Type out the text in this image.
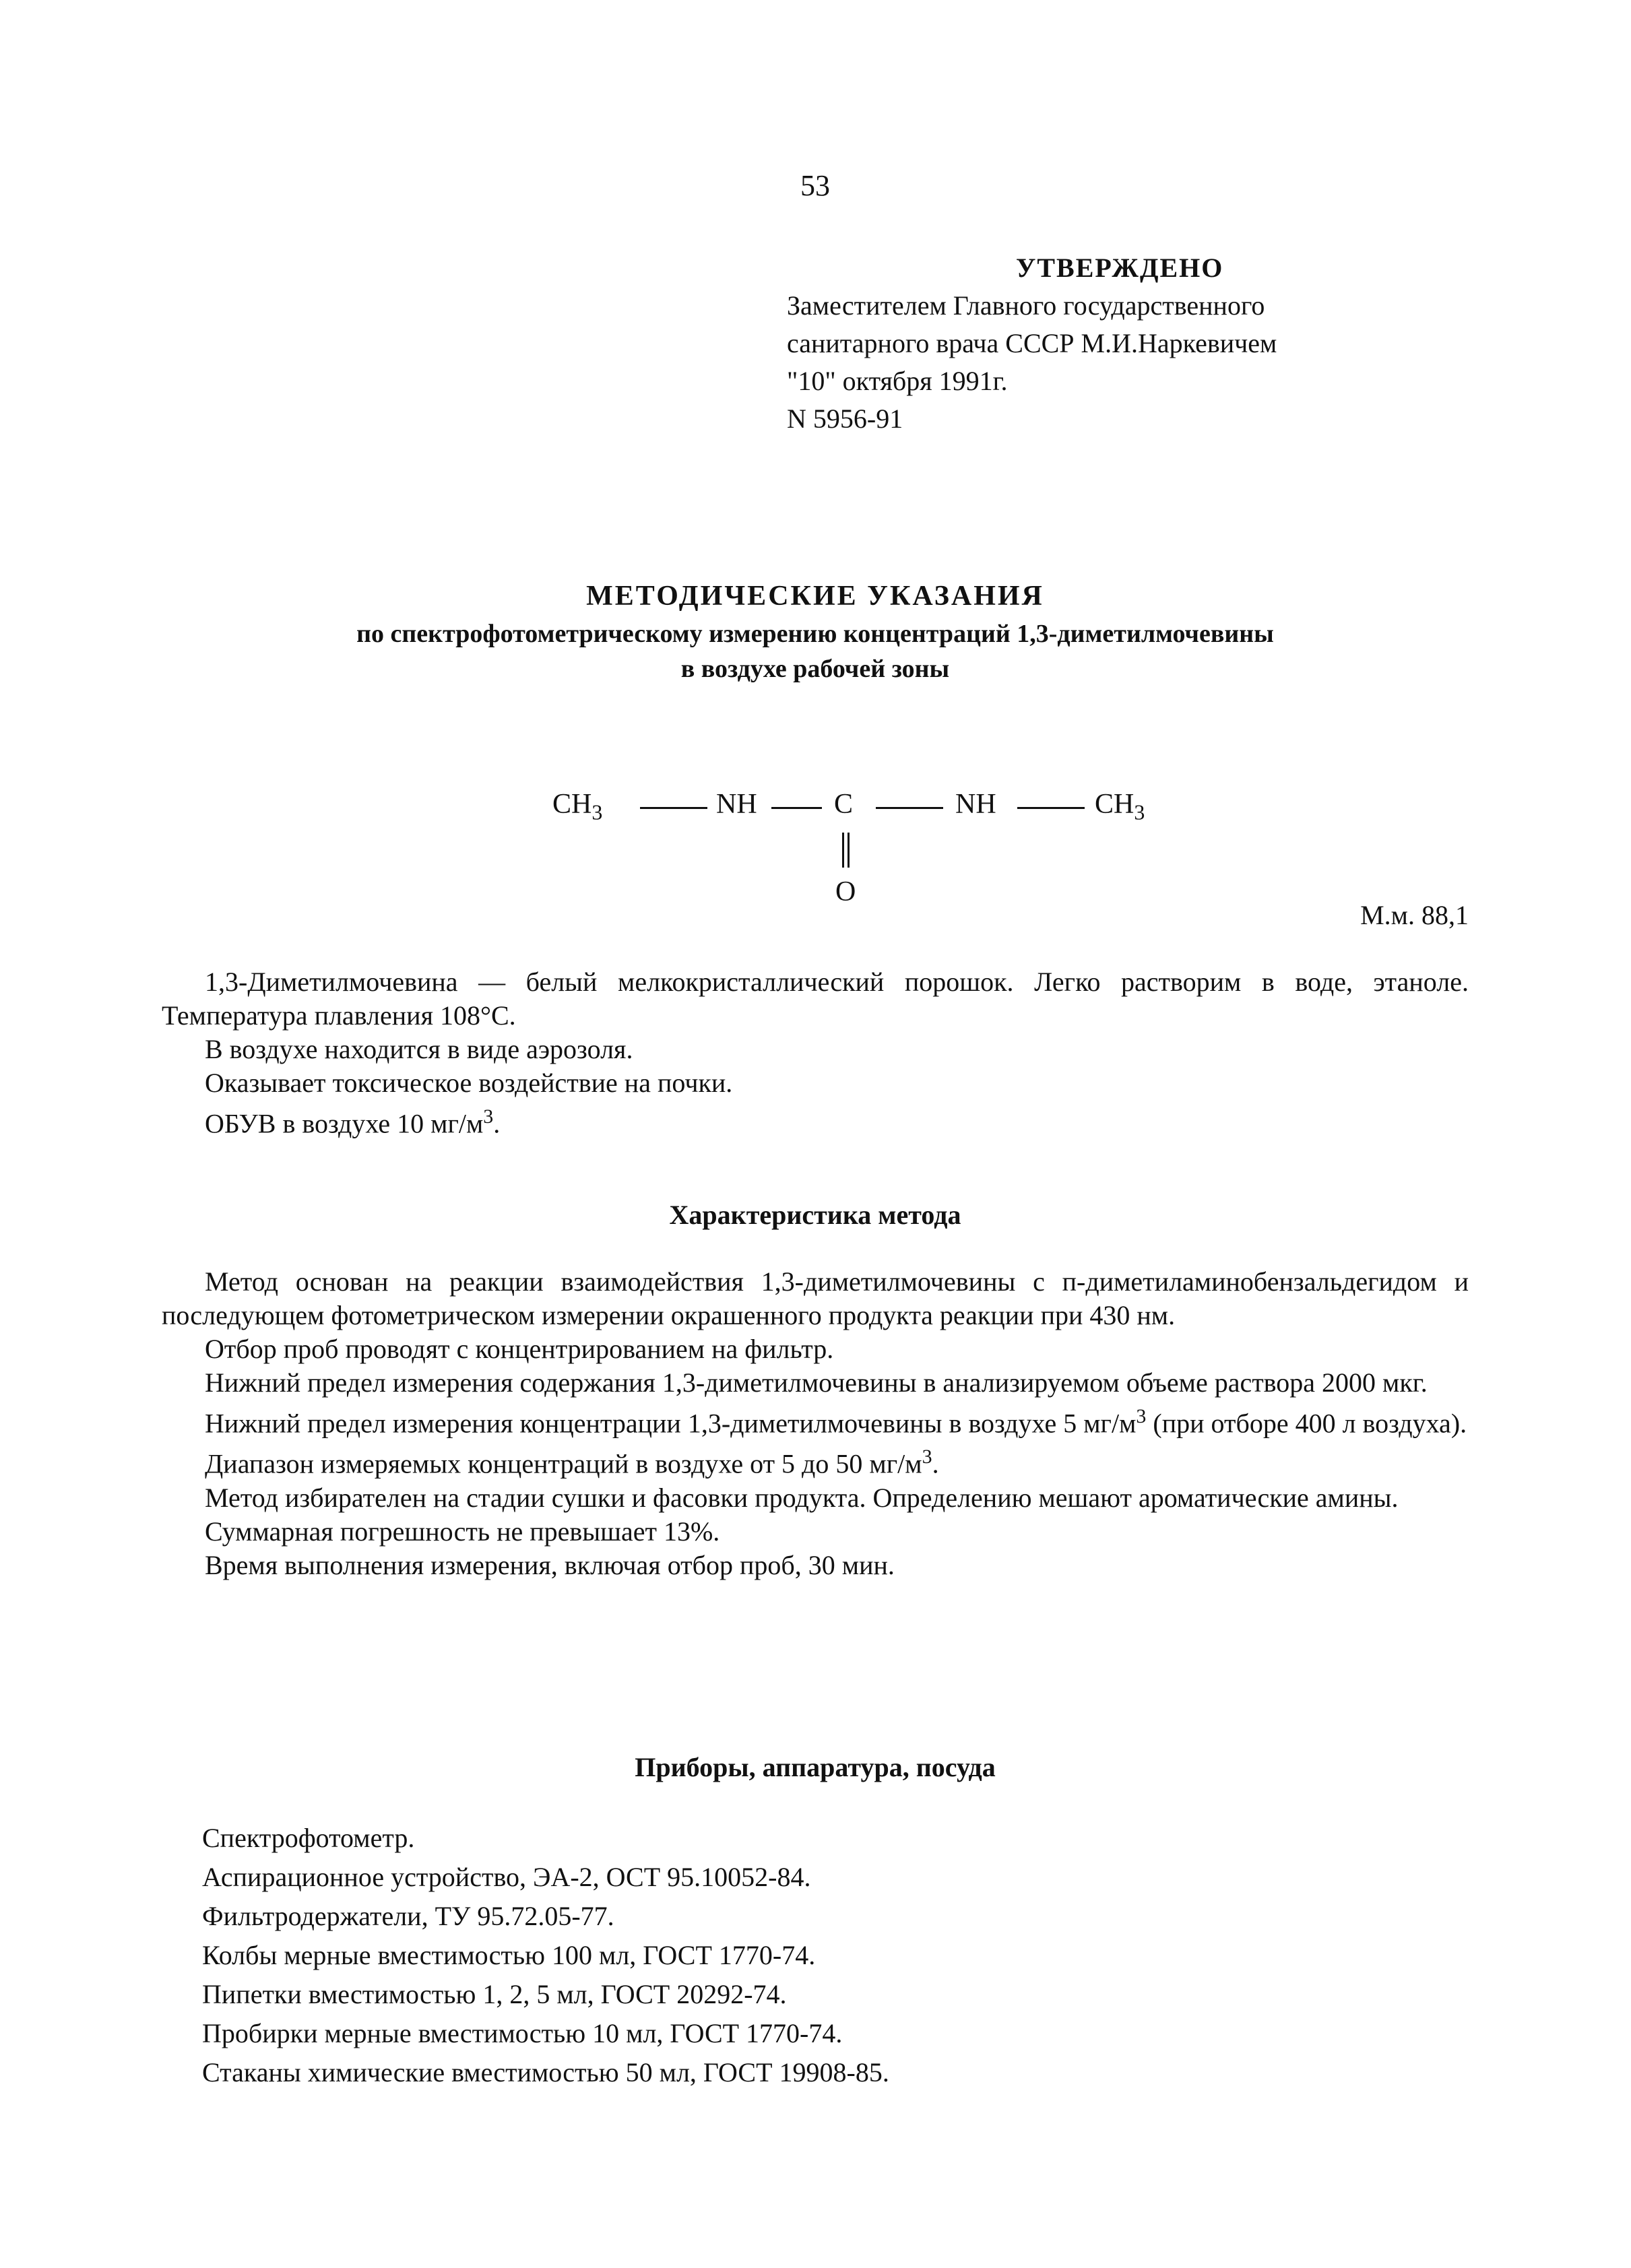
53
УТВЕРЖДЕНО
Заместителем Главного государственного
санитарного врача СССР М.И.Наркевичем
"10" октября 1991г.
N 5956-91
МЕТОДИЧЕСКИЕ УКАЗАНИЯ
по спектрофотометрическому измерению концентраций 1,3-диметилмочевины
в воздухе рабочей зоны
$CH_3$	NH	C	NH	$CH_3$
O
М.м. 88,1

1,3-Диметилмочевина — белый мелкокристаллический порошок. Легко растворим в воде, этаноле. Температура плавления 108°С.

В воздухе находится в виде аэрозоля.

Оказывает токсическое воздействие на почки.

ОБУВ в воздухе 10 $мг/м^3$.

Характеристика метода

Метод основан на реакции взаимодействия 1,3-диметилмочевины с п-диметиламинобензальдегидом и последующем фотометрическом измерении окрашенного продукта реакции при 430 нм.

Отбор проб проводят с концентрированием на фильтр.

Нижний предел измерения содержания 1,3-диметилмочевины в анализируемом объеме раствора 2000 мкг.

Нижний предел измерения концентрации 1,3-диметилмочевины в воздухе 5 $мг/м^3$ (при отборе 400 л воздуха).

Диапазон измеряемых концентраций в воздухе от 5 до 50 $мг/м^3$.

Метод избирателен на стадии сушки и фасовки продукта. Определению мешают ароматические амины.

Суммарная погрешность не превышает 13%.

Время выполнения измерения, включая отбор проб, 30 мин.

Приборы, аппаратура, посуда
Спектрофотометр.
Аспирационное устройство, ЭА-2, ОСТ 95.10052-84.
Фильтродержатели, ТУ 95.72.05-77.
Колбы мерные вместимостью 100 мл, ГОСТ 1770-74.
Пипетки вместимостью 1, 2, 5 мл, ГОСТ 20292-74.
Пробирки мерные вместимостью 10 мл, ГОСТ 1770-74.
Стаканы химические вместимостью 50 мл, ГОСТ 19908-85.
